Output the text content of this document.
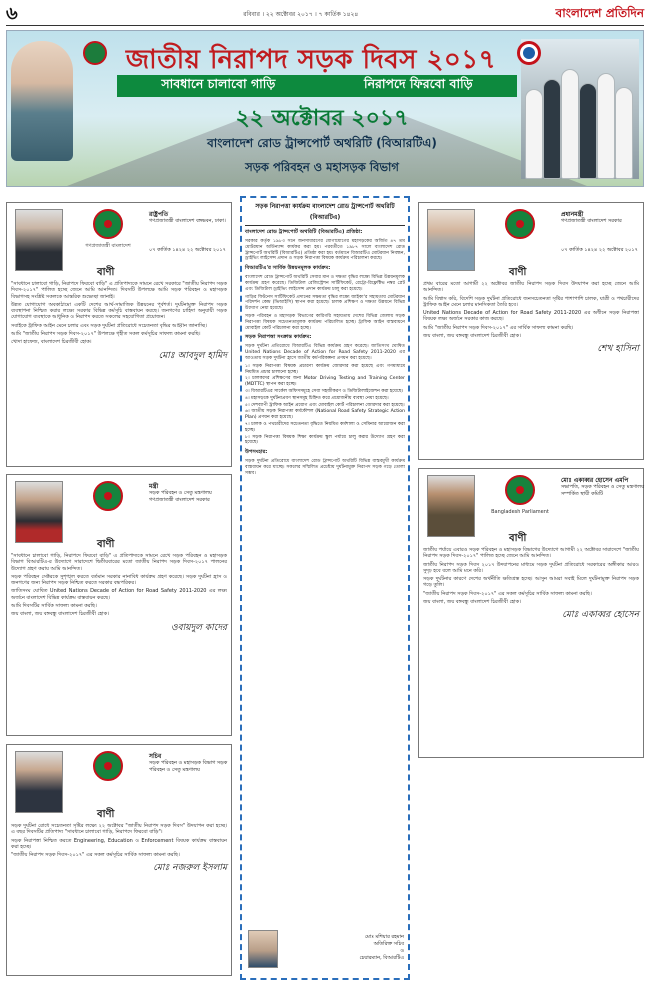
৬	রবিবার । ২২ অক্টোবর ২০১৭ । ৭ কার্তিক ১৪২৪	বাংলাদেশ প্রতিদিন
জাতীয় নিরাপদ সড়ক দিবস ২০১৭
সাবধানে চালাবো গাড়ি	নিরাপদে ফিরবো বাড়ি
২২ অক্টোবর ২০১৭
বাংলাদেশ রোড ট্রান্সপোর্ট অথরিটি (বিআরটিএ)
সড়ক পরিবহন ও মহাসড়ক বিভাগ
গণপ্রজাতন্ত্রী বাংলাদেশ
রাষ্ট্রপতি
গণপ্রজাতন্ত্রী বাংলাদেশ বঙ্গভবন, ঢাকা।
০৭ কার্তিক ১৪২৪ ২২ অক্টোবর ২০১৭
বাণী

"সাবধানে চালাবো গাড়ি, নিরাপদে ফিরবো বাড়ি" এ প্রতিপাদ্যকে সামনে রেখে সরকারে "জাতীয় নিরাপদ সড়ক দিবস-২০১৭" পালিত হচ্ছে জেনে আমি আনন্দিত। দিবসটি উপলক্ষে আমি সড়ক পরিবহন ও মহাসড়ক বিভাগসহ সংশ্লিষ্ট সকলকে আন্তরিক শুভেচ্ছা জানাই।

উন্নত যোগাযোগ অবকাঠামো একটি দেশের আর্থ-সামাজিক উন্নয়নের পূর্বশর্ত। দুর্ঘটনামুক্ত নিরাপদ সড়ক ব্যবস্থাপনা নিশ্চিত করার লক্ষ্যে সরকার বিভিন্ন কর্মসূচি বাস্তবায়ন করছে। জনগণের চাহিদা অনুযায়ী সড়ক যোগাযোগ ব্যবস্থাকে আধুনিক ও নিরাপদ করতে সকলের সহযোগিতা প্রয়োজন।

সবাইকে ট্রাফিক আইন মেনে চলার এবং সড়ক দুর্ঘটনা প্রতিরোধে সচেতনতা বৃদ্ধির আহ্বান জানাচ্ছি।

আমি "জাতীয় নিরাপদ সড়ক দিবস-২০১৭" উপলক্ষে গৃহীত সকল কর্মসূচির সাফল্য কামনা করছি।

খোদা হাফেজ, বাংলাদেশ চিরজীবী হোক।

মোঃ আবদুল হামিদ
মন্ত্রী
সড়ক পরিবহন ও সেতু মন্ত্রণালয় গণপ্রজাতন্ত্রী বাংলাদেশ সরকার
বাণী

"সাবধানে চালাবো গাড়ি, নিরাপদে ফিরবো বাড়ি" এ প্রতিপাদ্যকে সামনে রেখে সড়ক পরিবহন ও মহাসড়ক বিভাগ বিআরটিএ-র উদ্যোগে সারাদেশে দ্বিতীয়বারের মতো জাতীয় নিরাপদ সড়ক দিবস-২০১৭ পালনের উদ্যোগ গ্রহণ করায় আমি আনন্দিত।

সড়ক পরিবহন সেক্টরকে সুশৃঙ্খল করতে বর্তমান সরকার নানাবিধ কার্যক্রম গ্রহণ করেছে। সড়ক দুর্ঘটনা হ্রাস ও জনগণের জন্য নিরাপদ সড়ক নিশ্চিত করতে সরকার বদ্ধপরিকর।

জাতিসংঘ ঘোষিত United Nations Decade of Action for Road Safety 2011-2020 এর লক্ষ্য অর্জনে বাংলাদেশ বিভিন্ন কার্যক্রম বাস্তবায়ন করছে।

আমি দিবসটির সার্বিক সাফল্য কামনা করছি।

জয় বাংলা, জয় বঙ্গবন্ধু বাংলাদেশ চিরজীবী হোক।

ওবায়দুল কাদের
সচিব
সড়ক পরিবহন ও মহাসড়ক বিভাগ সড়ক পরিবহন ও সেতু মন্ত্রণালয়
বাণী

সড়ক দুর্ঘটনা রোধে সচেতনতা সৃষ্টির লক্ষ্যে ২২ অক্টোবর "জাতীয় নিরাপদ সড়ক দিবস" উদযাপন করা হচ্ছে। এ বছর দিবসটির প্রতিপাদ্য "সাবধানে চালাবো গাড়ি, নিরাপদে ফিরবো বাড়ি"।

সড়ক নিরাপত্তা নিশ্চিত করতে Engineering, Education ও Enforcement বিষয়ক কার্যক্রম বাস্তবায়ন করা হচ্ছে।

"জাতীয় নিরাপদ সড়ক দিবস-২০১৭" এর সকল কর্মসূচির সার্বিক সাফল্য কামনা করছি।

মোঃ নজরুল ইসলাম
সড়ক নিরাপত্তা কার্যক্রম বাংলাদেশ রোড ট্রান্সপোর্ট অথরিটি (বিআরটিএ)
বাংলাদেশ রোড ট্রান্সপোর্ট অথরিটি (বিআরটিএ) প্রতিষ্ঠা:

সরকার কর্তৃক ১৯৮৩ সনে জনসাধারণের যোগাযোগের মহাসড়কের অর্জিত ৪৭ তম মোটরযান অর্ডিন্যান্স কার্যকর করা হয়। পরবর্তীতে ১৯৮৭ সালে বাংলাদেশ রোড ট্রান্সপোর্ট অথরিটি (বিআরটিএ) প্রতিষ্ঠা করা হয়। বর্তমানে বিআরটিএ মোটরযান নিবন্ধন, ড্রাইভিং লাইসেন্স প্রদান ও সড়ক নিরাপত্তা বিষয়ক কার্যক্রম পরিচালনা করছে।

বিআরটিএ'র সার্বিক উন্নয়নমূলক কার্যক্রম:

বাংলাদেশ রোড ট্রান্সপোর্ট অথরিটি সেবার মান ও দক্ষতা বৃদ্ধির লক্ষ্যে বিভিন্ন উন্নয়নমূলক কার্যক্রম গ্রহণ করেছে। ডিজিটাল রেজিস্ট্রেশন সার্টিফিকেট, রেট্রো-রিফ্লেক্টিভ নম্বর প্লেট এবং ডিজিটাল ড্রাইভিং লাইসেন্স প্রদান কার্যক্রম চালু করা হয়েছে।

গাড়ির ফিটনেস সার্টিফিকেট প্রদানের সক্ষমতা বৃদ্ধির লক্ষ্যে জাইকা'র সহায়তায় মোটরযান পরিদর্শন কেন্দ্র (ভিআইসি) স্থাপন করা হয়েছে। চালক প্রশিক্ষণ ও দক্ষতা উন্নয়নে বিভিন্ন উদ্যোগ নেয়া হয়েছে।

সড়ক পরিবহন ও মহাসড়ক বিভাগের কারিগরি সহায়তায় দেশের বিভিন্ন জেলায় সড়ক নিরাপত্তা বিষয়ক সচেতনতামূলক কার্যক্রম পরিচালিত হচ্ছে। ট্রাফিক আইন বাস্তবায়নে মোবাইল কোর্ট পরিচালনা করা হচ্ছে।

সড়ক নিরাপত্তা সংক্রান্ত কার্যক্রম:

সড়ক দুর্ঘটনা প্রতিরোধে বিআরটিএ বিভিন্ন কার্যক্রম গ্রহণ করেছে। জাতিসংঘ ঘোষিত United Nations Decade of Action for Road Safety 2011-2020 এর আওতায় সড়ক দুর্ঘটনা হ্রাসে জাতীয় কর্মপরিকল্পনা প্রণয়ন করা হয়েছে।

১। সড়ক নিরাপত্তা বিষয়ক প্রচারণা কার্যক্রম জোরদার করা হয়েছে এবং গণমাধ্যমে নিয়মিত প্রচার চালানো হচ্ছে।

২। চালকদের প্রশিক্ষণের জন্য Motor Driving Testing and Training Center (MDTTC) স্থাপন করা হচ্ছে।

৩। বিআরটিএর সার্কেল অফিসসমূহে সেবা সহজীকরণ ও ডিজিটালাইজেশন করা হয়েছে।

৪। মহাসড়কে দুর্ঘটনাপ্রবণ স্থানসমূহ চিহ্নিত করে প্রয়োজনীয় ব্যবস্থা নেয়া হয়েছে।

৫। দেশব্যাপী ট্রাফিক আইন প্রয়োগ এবং মোবাইল কোর্ট পরিচালনা জোরদার করা হয়েছে।

৬। জাতীয় সড়ক নিরাপত্তা কর্মকৌশল (National Road Safety Strategic Action Plan) প্রণয়ন করা হয়েছে।

৭। চালক ও পথচারীদের সচেতনতা বৃদ্ধিতে নিয়মিত কর্মশালা ও সেমিনার আয়োজন করা হচ্ছে।

৮। সড়ক নিরাপত্তা বিষয়ক শিক্ষা কার্যক্রম স্কুল পর্যায়ে চালু করার উদ্যোগ গ্রহণ করা হয়েছে।

উপসংহার:

সড়ক দুর্ঘটনা প্রতিরোধে বাংলাদেশ রোড ট্রান্সপোর্ট অথরিটি বিভিন্ন বাস্তবমুখী কার্যক্রম বাস্তবায়ন করে যাচ্ছে। সকলের সম্মিলিত প্রচেষ্টায় দুর্ঘটনামুক্ত নিরাপদ সড়ক গড়ে তোলা সম্ভব।

মোঃ মশিয়ার রহমান
অতিরিক্ত সচিব
ও
চেয়ারম্যান, বিআরটিএ
প্রধানমন্ত্রী
গণপ্রজাতন্ত্রী বাংলাদেশ সরকার
০৭ কার্তিক ১৪২৪ ২২ অক্টোবর ২০১৭
বাণী

প্রথম বারের মতো আগামী ২২ অক্টোবর জাতীয় নিরাপদ সড়ক দিবস উদযাপন করা হচ্ছে জেনে আমি আনন্দিত।

আমি বিশ্বাস করি, বিদেশি সড়ক দুর্ঘটনা প্রতিরোধে জনসচেতনতা সৃষ্টির পাশাপাশি চালক, যাত্রী ও পথচারীদের ট্রাফিক আইন মেনে চলার মানসিকতা তৈরি হবে।

United Nations Decade of Action for Road Safety 2011-2020 এর অধীনে সড়ক নিরাপত্তা বিষয়ক লক্ষ্য অর্জনে সরকার কাজ করছে।

আমি "জাতীয় নিরাপদ সড়ক দিবস-২০১৭" এর সার্বিক সাফল্য কামনা করছি।

জয় বাংলা, জয় বঙ্গবন্ধু বাংলাদেশ চিরজীবী হোক।

শেখ হাসিনা
Bangladesh Parliament
মোঃ একাব্বর হোসেন এমপি
সভাপতি, সড়ক পরিবহন ও সেতু মন্ত্রণালয় সম্পর্কিত স্থায়ী কমিটি
বাণী

জাতীয় পর্যায়ে এবারও সড়ক পরিবহন ও মহাসড়ক বিভাগের উদ্যোগে আগামী ২২ অক্টোবর সারাদেশে "জাতীয় নিরাপদ সড়ক দিবস-২০১৭" পালিত হচ্ছে জেনে আমি আনন্দিত।

জাতীয় নিরাপদ সড়ক দিবস ২০১৭ উদযাপনের মাধ্যমে সড়ক দুর্ঘটনা প্রতিরোধে সরকারের অঙ্গীকার আরও সুদৃঢ় হবে বলে আমি মনে করি।

সড়ক দুর্ঘটনার কারণে দেশের অর্থনীতি ক্ষতিগ্রস্ত হচ্ছে। আসুন আমরা সবাই মিলে দুর্ঘটনামুক্ত নিরাপদ সড়ক গড়ে তুলি।

"জাতীয় নিরাপদ সড়ক দিবস-২০১৭" এর সকল কর্মসূচির সার্বিক সাফল্য কামনা করছি।

জয় বাংলা, জয় বঙ্গবন্ধু বাংলাদেশ চিরজীবী হোক।

মোঃ একাব্বর হোসেন
